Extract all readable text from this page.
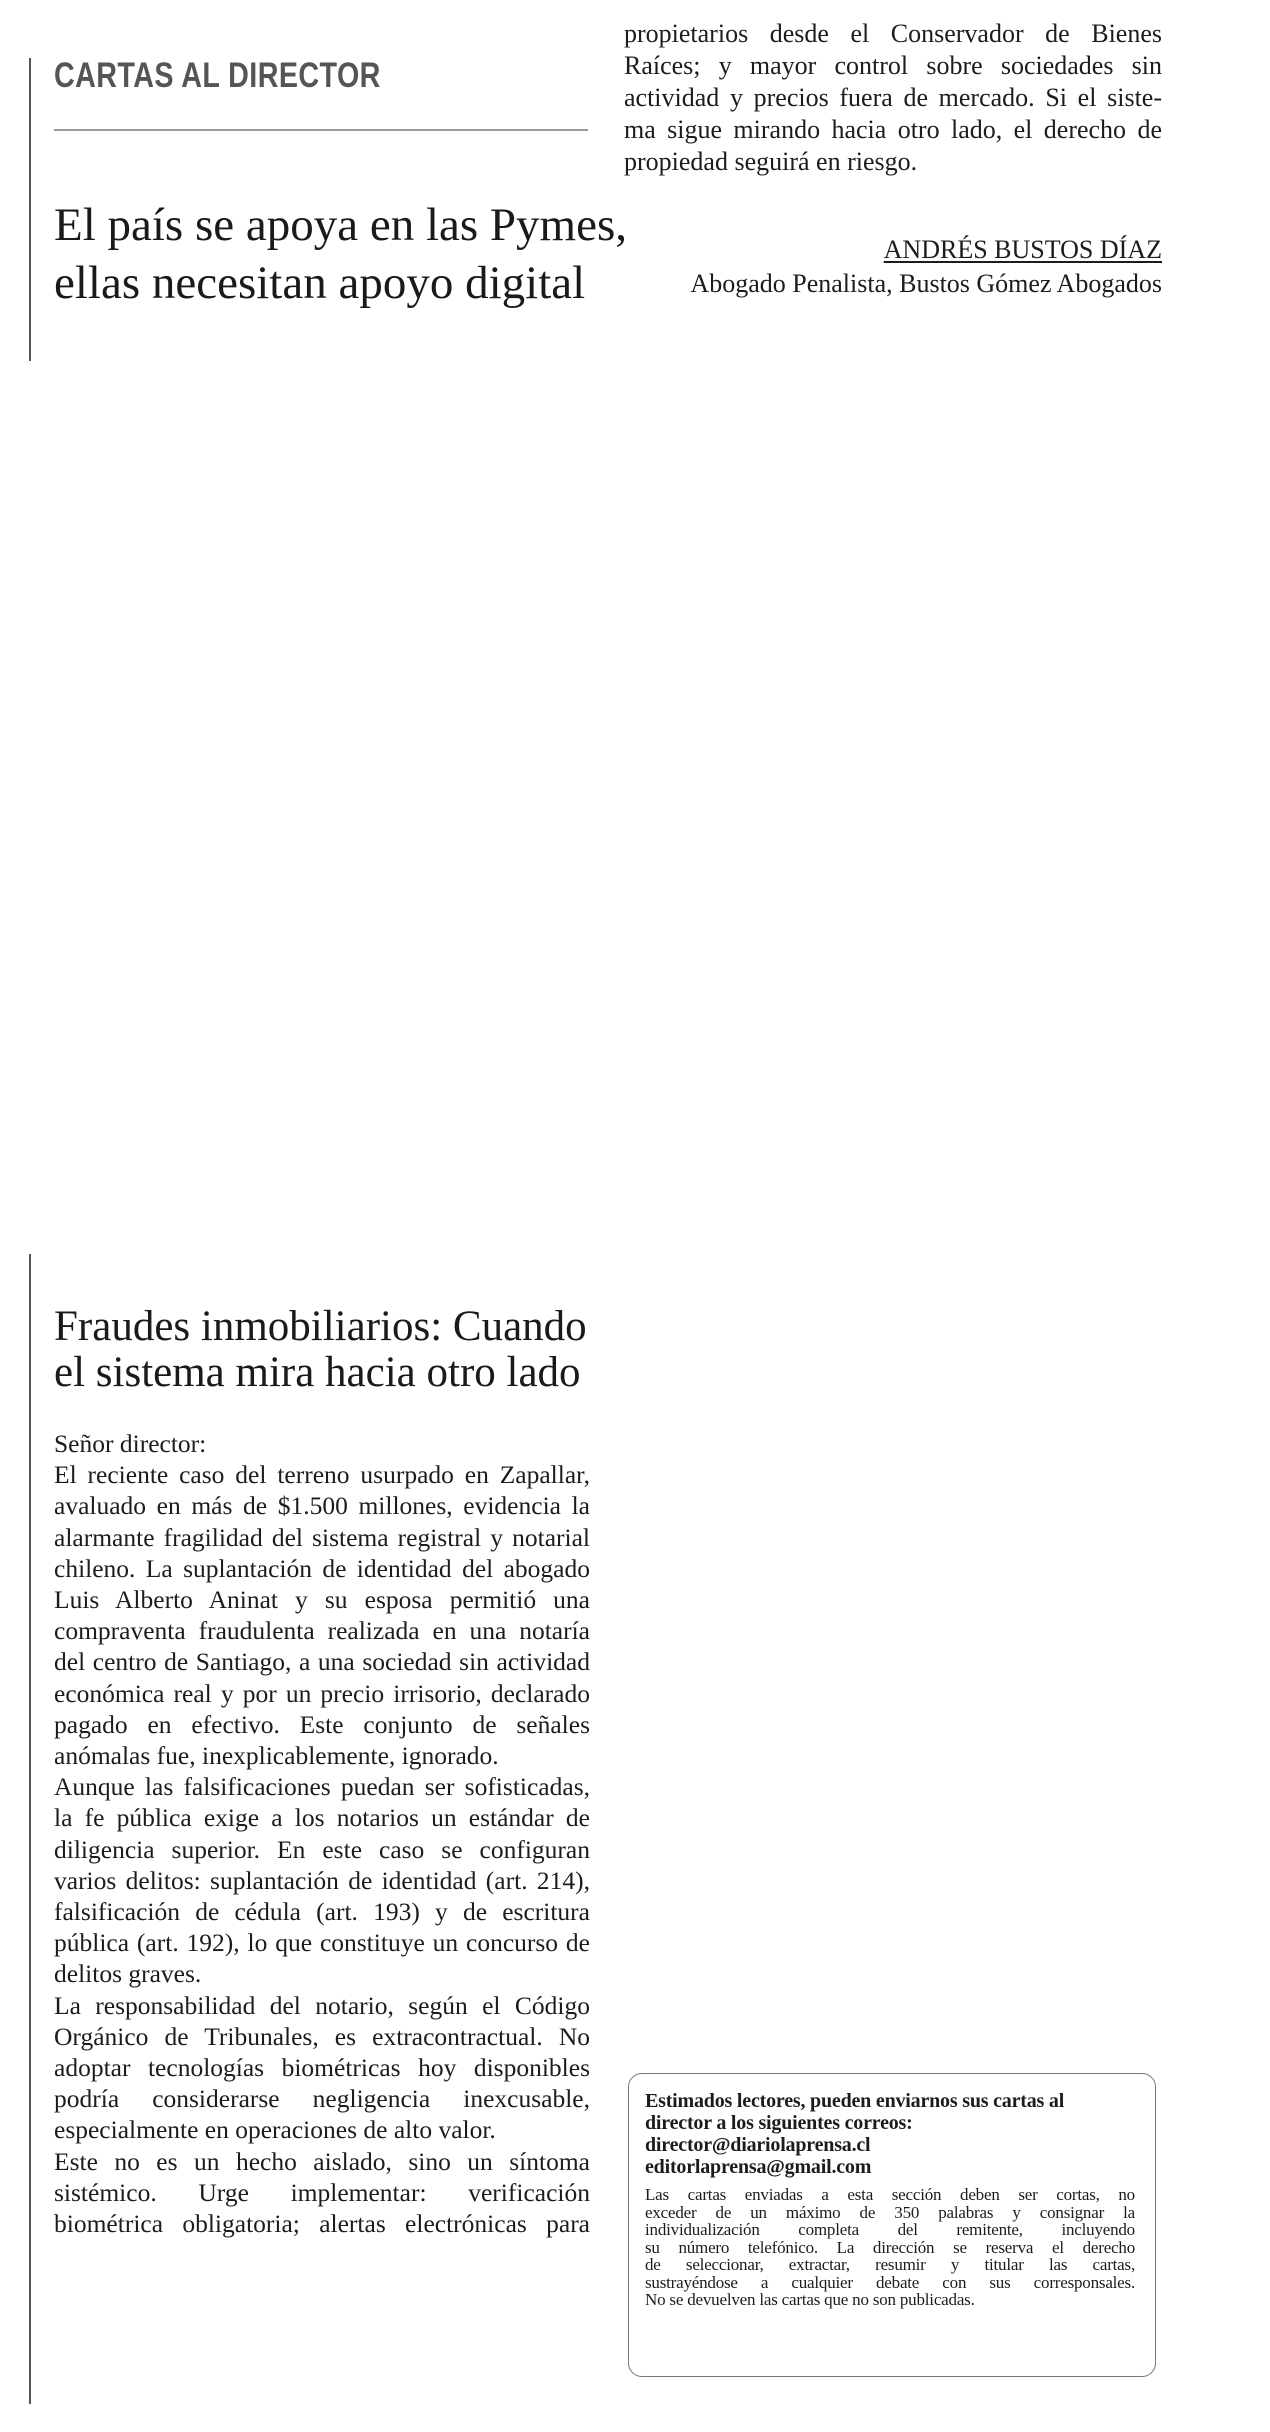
CARTAS AL DIRECTOR
El país se apoya en las Pymes,
ellas necesitan apoyo digital

propietarios desde el Conservador de Bienes

Raíces; y mayor control sobre sociedades sin

actividad y precios fuera de mercado. Si el siste-

ma sigue mirando hacia otro lado, el derecho de

propiedad seguirá en riesgo.

ANDRÉS BUSTOS DÍAZ
Abogado Penalista, Bustos Gómez Abogados
Fraudes inmobiliarios: Cuando
el sistema mira hacia otro lado

Señor director:

El reciente caso del terreno usurpado en Zapallar, avaluado en más de $1.500 millones, evidencia la alarmante fragilidad del sistema registral y notarial chileno. La suplantación de identidad del abogado Luis Alberto Aninat y su esposa permitió una compraventa fraudulenta realizada en una notaría del centro de Santiago, a una sociedad sin actividad económica real y por un precio irrisorio, declarado pagado en efectivo. Este conjunto de señales anómalas fue, inexplicablemente, ignorado.

Aunque las falsificaciones puedan ser sofisticadas, la fe pública exige a los notarios un estándar de diligencia superior. En este caso se configuran varios delitos: suplantación de identidad (art. 214), falsificación de cédula (art. 193) y de escritura pública (art. 192), lo que constituye un concurso de delitos graves.

La responsabilidad del notario, según el Código Orgánico de Tribunales, es extracontractual. No adoptar tecnologías biométricas hoy disponibles podría considerarse negligencia inexcusable, especialmente en operaciones de alto valor.

Este no es un hecho aislado, sino un síntoma sistémico. Urge implementar: verificación biométrica obligatoria; alertas electrónicas para

Estimados lectores, pueden enviarnos sus cartas al
director a los siguientes correos:
director@diariolaprensa.cl
editorlaprensa@gmail.com
Las cartas enviadas a esta sección deben ser cortas, no
exceder de un máximo de 350 palabras y consignar la
individualización completa del remitente, incluyendo
su número telefónico. La dirección se reserva el derecho
de seleccionar, extractar, resumir y titular las cartas,
sustrayéndose a cualquier debate con sus corresponsales.
No se devuelven las cartas que no son publicadas.
